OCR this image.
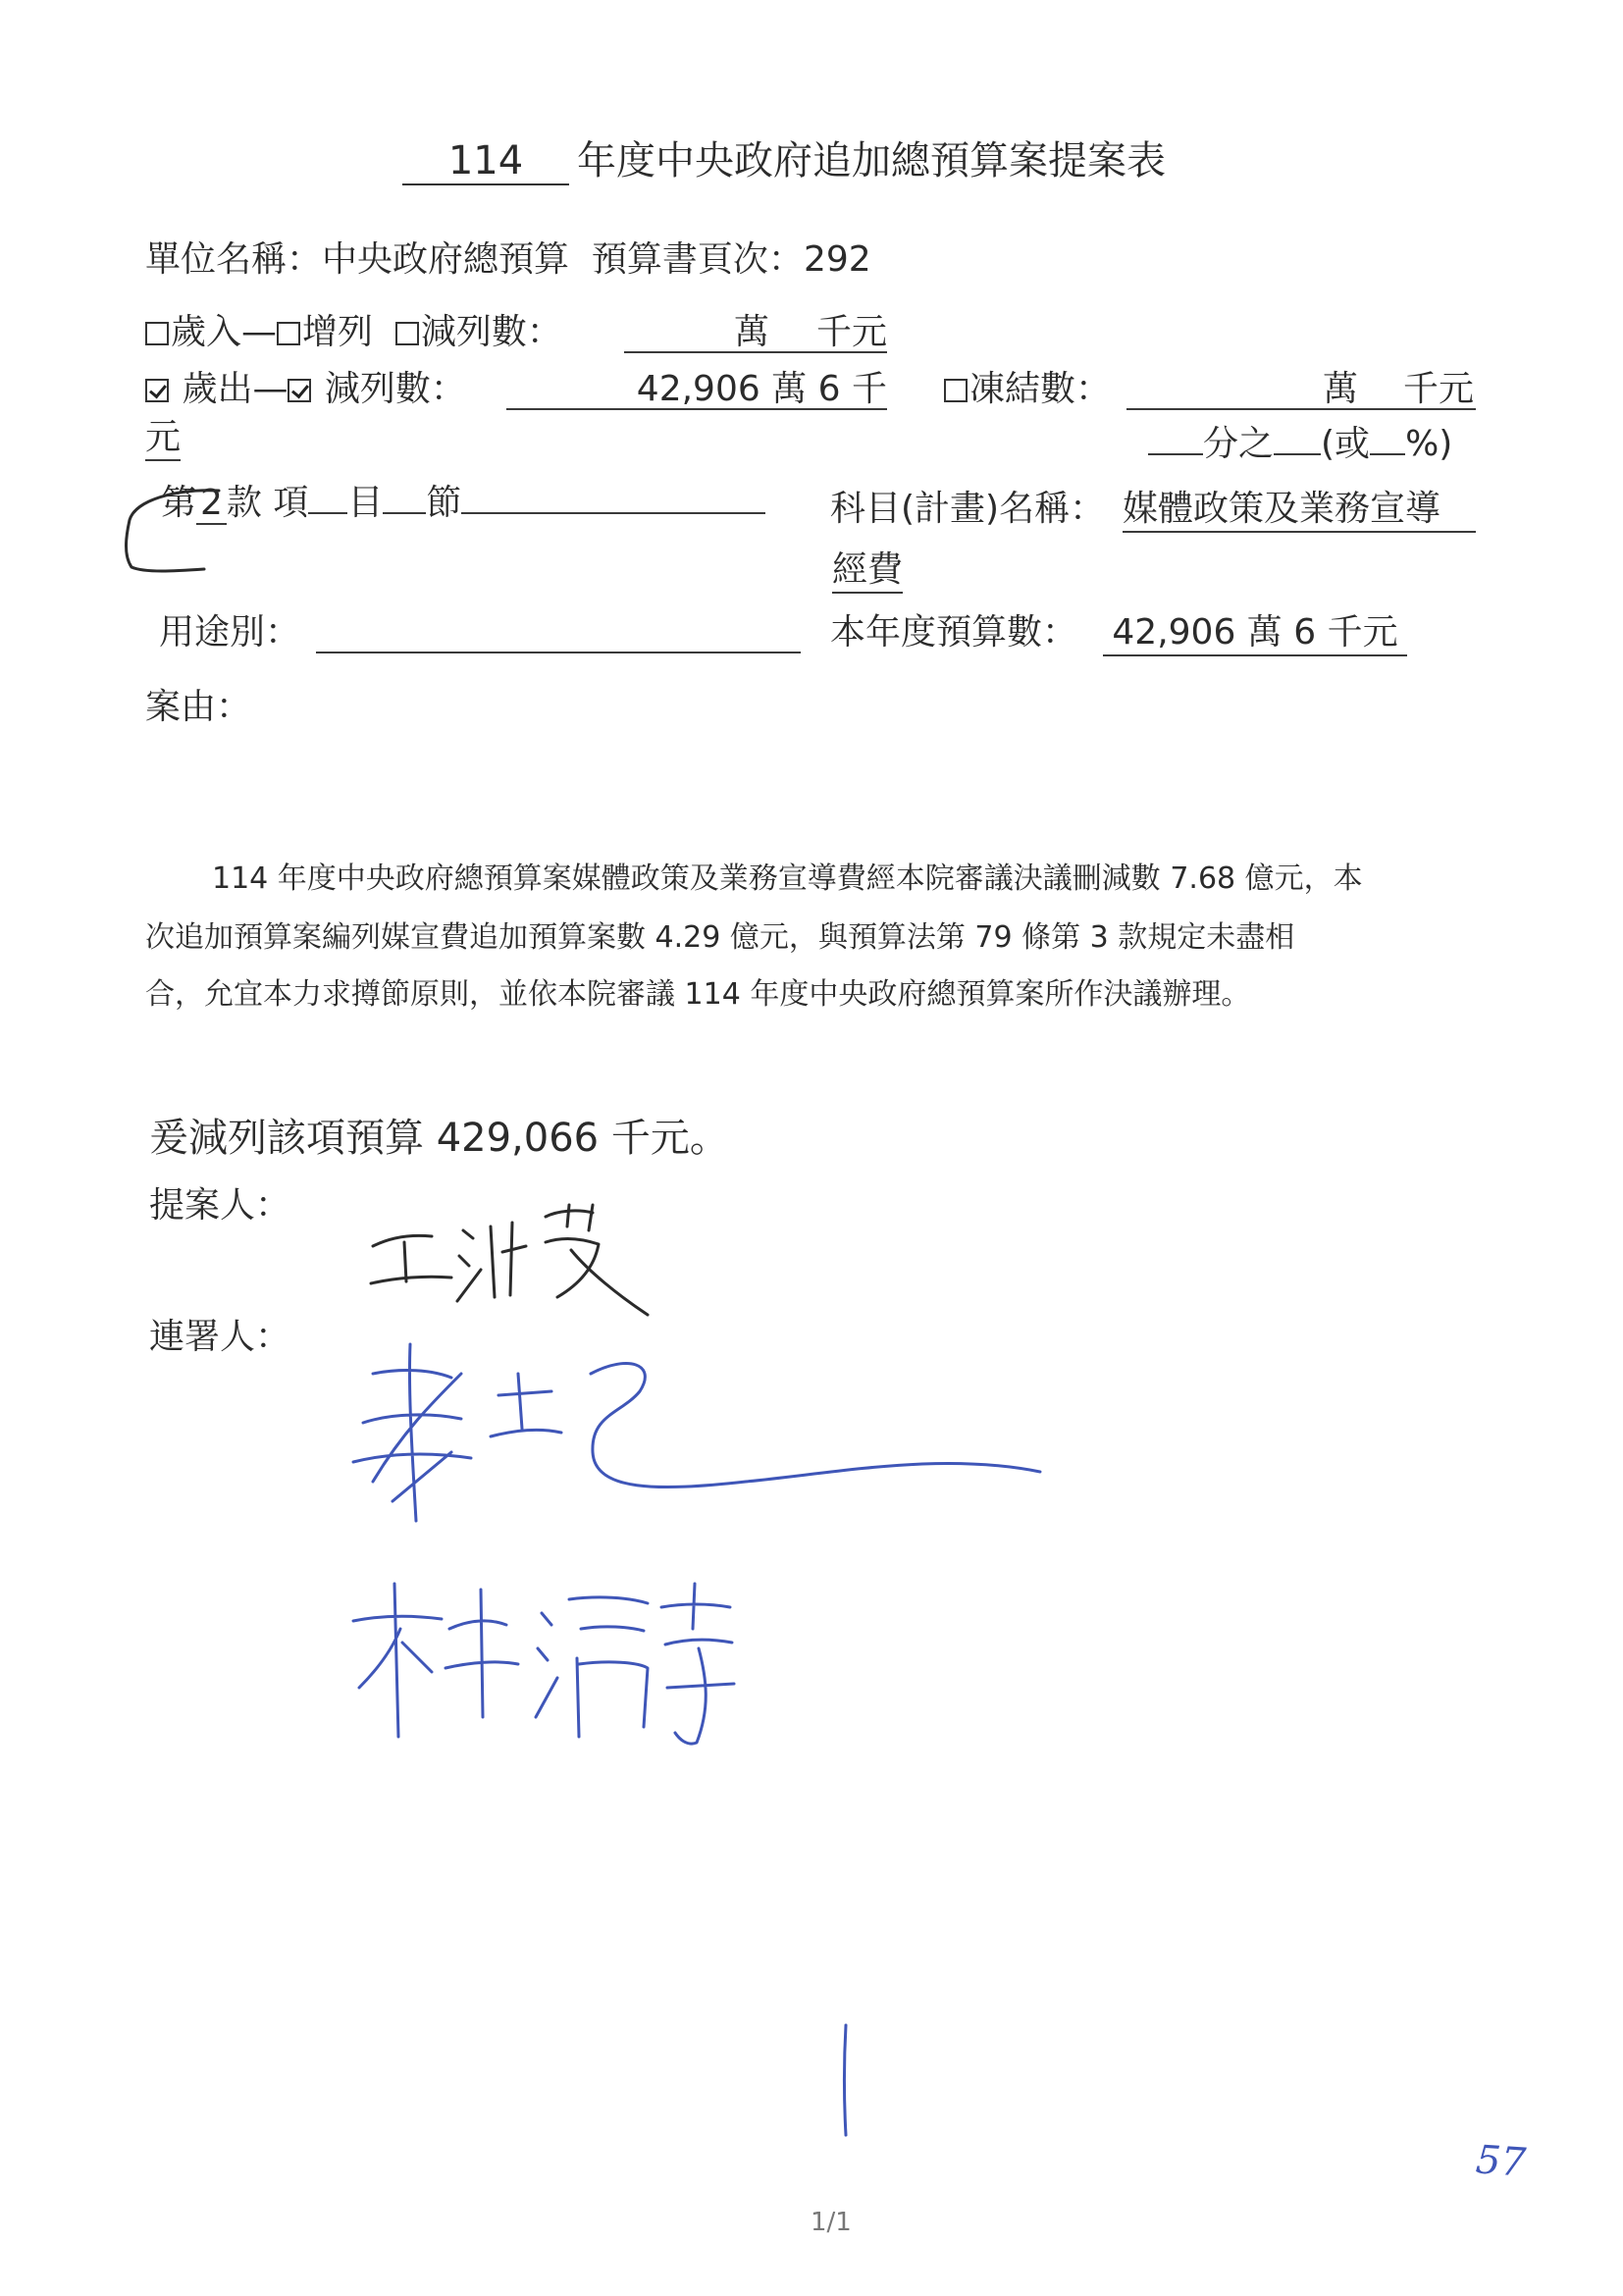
114 年度中央政府追加總預算案提案表
單位名稱：中央政府總預算 預算書頁次：292
歲入— 增列 減列數：	萬 千元
歲出— 減列數：	42,906 萬 6 千	凍結數：	萬 千元
元	分之 (或 %)
第 2 款 項 目 節	科目(計畫)名稱： 媒體政策及業務宣導
經費
用途別：	本年度預算數： 42,906 萬 6 千元
案由：
114 年度中央政府總預算案媒體政策及業務宣導費經本院審議決議刪減數 7.68 億元，本
次追加預算案編列媒宣費追加預算案數 4.29 億元，與預算法第 79 條第 3 款規定未盡相
合，允宜本力求撙節原則，並依本院審議 114 年度中央政府總預算案所作決議辦理。
爰減列該項預算 429,066 千元。
提案人：
連署人：
57
1/1
